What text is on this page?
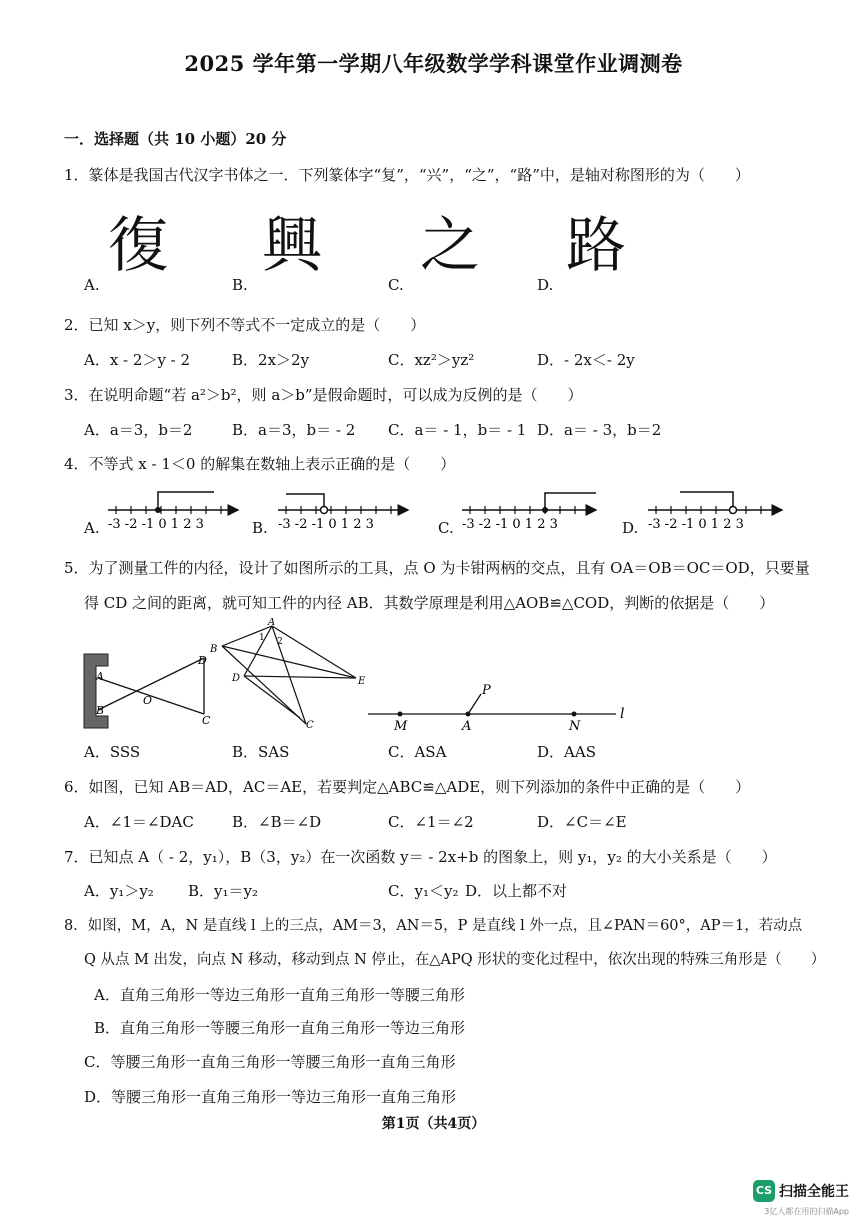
2025 学年第一学期八年级数学学科课堂作业调测卷
一．选择题（共 10 小题）20 分
1．篆体是我国古代汉字书体之一．下列篆体字“复”，“兴”，“之”，“路”中，是轴对称图形的为（　　）
A.
復
B.
興
C.
之
D.
路
2．已知 x＞y，则下列不等式不一定成立的是（　　）
A．x - 2＞y - 2	B．2x＞2y	C．xz²＞yz²	D．- 2x＜- 2y
3．在说明命题“若 a²＞b²，则 a＞b”是假命题时，可以成为反例的是（　　）
A．a＝3，b＝2	B．a＝3，b＝ - 2 C．a＝ - 1，b＝ - 1 D．a＝ - 3，b＝2
4．不等式 x - 1＜0 的解集在数轴上表示正确的是（　　）
A.	B.	C.	D.
-3 -2 -1 0 1 2 3	-3 -2 -1 0 1 2 3	-3 -2 -1 0 1 2 3	-3 -2 -1 0 1 2 3
5．为了测量工件的内径，设计了如图所示的工具，点 O 为卡钳两柄的交点，且有 OA＝OB＝OC＝OD，只要量
得 CD 之间的距离，就可知工件的内径 AB．其数学原理是利用△AOB≌△COD，判断的依据是（　　）
A
B
O
D
C
A
B
D	E
C
1 2
M	A	N
P
l
A．SSS	B．SAS	C．ASA	D．AAS
6．如图，已知 AB＝AD，AC＝AE，若要判定△ABC≌△ADE，则下列添加的条件中正确的是（　　）
A．∠1＝∠DAC	B．∠B＝∠D	C．∠1＝∠2	D．∠C＝∠E
7．已知点 A（ - 2，y₁），B（3，y₂）在一次函数 y＝ - 2x+b 的图象上，则 y₁，y₂ 的大小关系是（　　）
A．y₁＞y₂ B．y₁＝y₂	C．y₁＜y₂ D．以上都不对
8．如图，M，A，N 是直线 l 上的三点，AM＝3，AN＝5，P 是直线 l 外一点，且∠PAN＝60°，AP＝1，若动点
Q 从点 M 出发，向点 N 移动，移动到点 N 停止，在△APQ 形状的变化过程中，依次出现的特殊三角形是（　　）
A．直角三角形一等边三角形一直角三角形一等腰三角形
B．直角三角形一等腰三角形一直角三角形一等边三角形
C．等腰三角形一直角三角形一等腰三角形一直角三角形
D．等腰三角形一直角三角形一等边三角形一直角三角形
第1页（共4页）
CS 扫描全能王
3亿人都在用的扫描App
